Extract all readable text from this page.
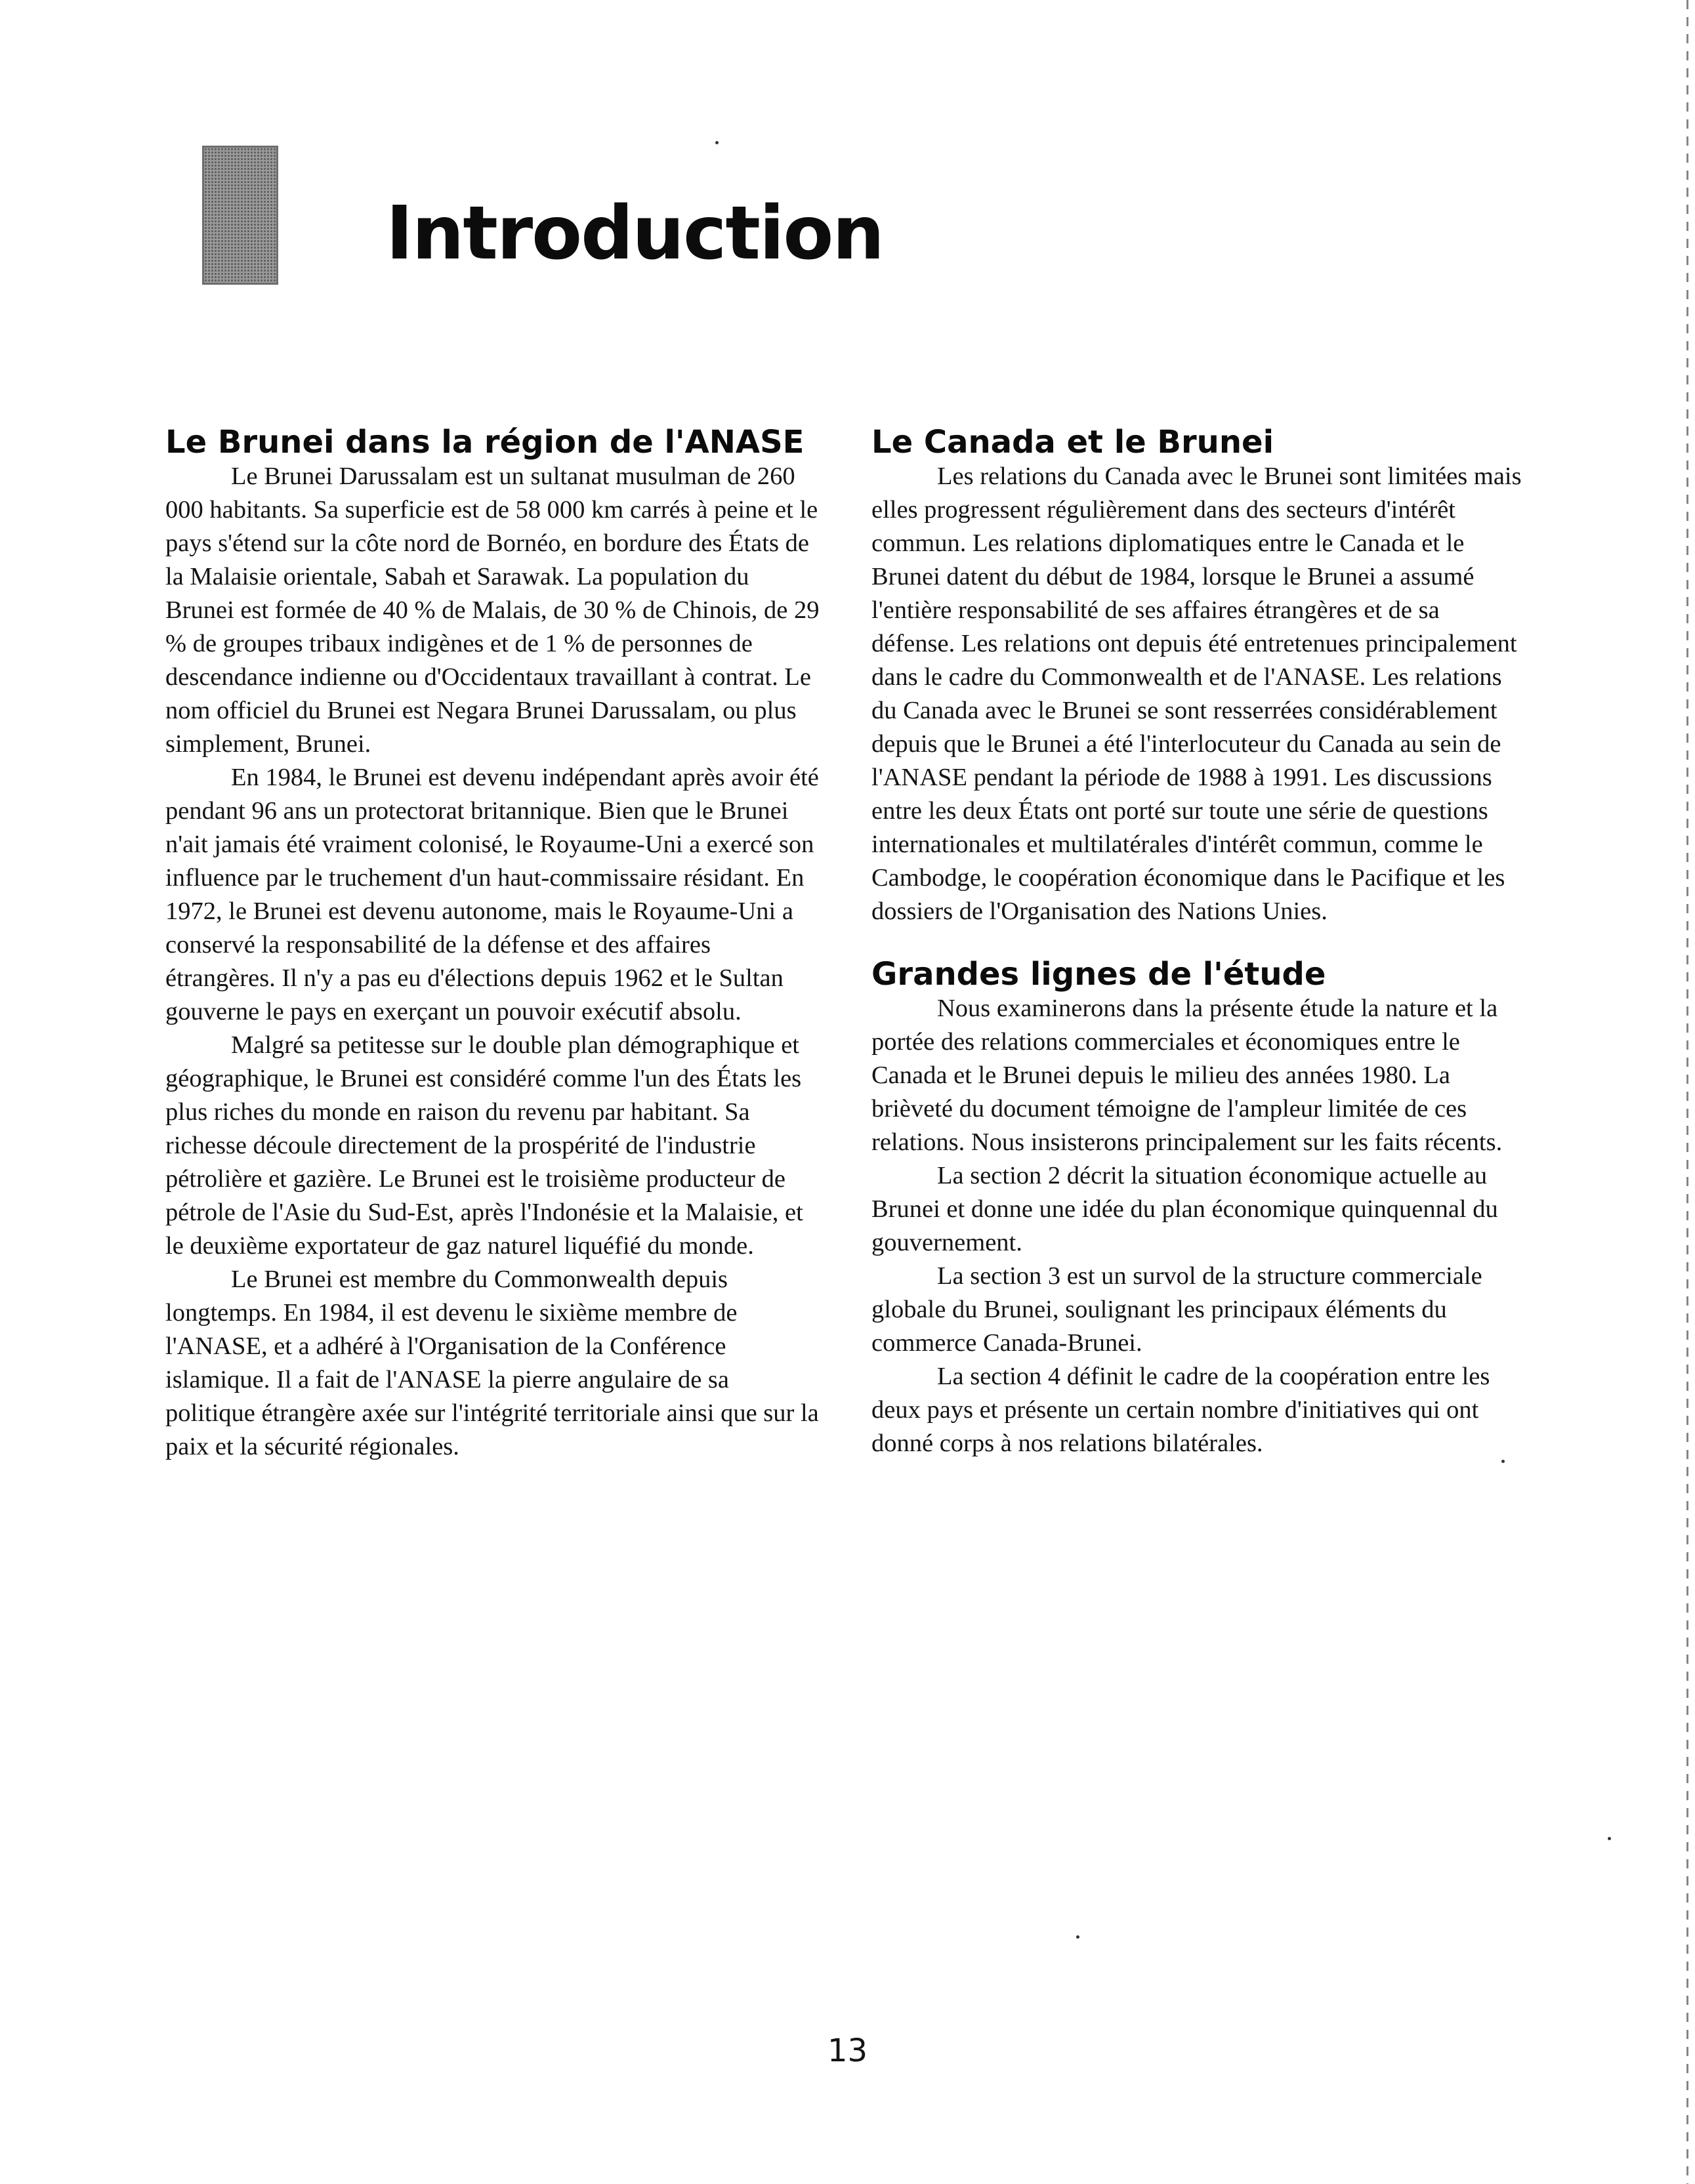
Introduction
Le Brunei dans la région de l'ANASE

Le Brunei Darussalam est un sultanat musulman de 260 000 habitants. Sa superficie est de 58 000 km carrés à peine et le pays s'étend sur la côte nord de Bornéo, en bordure des États de la Malaisie orientale, Sabah et Sarawak. La population du Brunei est formée de 40 % de Malais, de 30 % de Chinois, de 29 % de groupes tribaux indigènes et de 1 % de personnes de descendance indienne ou d'Occidentaux travaillant à contrat. Le nom officiel du Brunei est Negara Brunei Darussalam, ou plus simplement, Brunei.

En 1984, le Brunei est devenu indépendant après avoir été pendant 96 ans un protectorat britannique. Bien que le Brunei n'ait jamais été vraiment colonisé, le Royaume-Uni a exercé son influence par le truchement d'un haut-commissaire résidant. En 1972, le Brunei est devenu autonome, mais le Royaume-Uni a conservé la responsabilité de la défense et des affaires étrangères. Il n'y a pas eu d'élections depuis 1962 et le Sultan gouverne le pays en exerçant un pouvoir exécutif absolu.

Malgré sa petitesse sur le double plan démographique et géographique, le Brunei est considéré comme l'un des États les plus riches du monde en raison du revenu par habitant. Sa richesse découle directement de la prospérité de l'industrie pétrolière et gazière. Le Brunei est le troisième producteur de pétrole de l'Asie du Sud-Est, après l'Indonésie et la Malaisie, et le deuxième exportateur de gaz naturel liquéfié du monde.

Le Brunei est membre du Commonwealth depuis longtemps. En 1984, il est devenu le sixième membre de l'ANASE, et a adhéré à l'Organisation de la Conférence islamique. Il a fait de l'ANASE la pierre angulaire de sa politique étrangère axée sur l'intégrité territoriale ainsi que sur la paix et la sécurité régionales.

Le Canada et le Brunei

Les relations du Canada avec le Brunei sont limitées mais elles progressent régulièrement dans des secteurs d'intérêt commun. Les relations diplomatiques entre le Canada et le Brunei datent du début de 1984, lorsque le Brunei a assumé l'entière responsabilité de ses affaires étrangères et de sa défense. Les relations ont depuis été entretenues principalement dans le cadre du Commonwealth et de l'ANASE. Les relations du Canada avec le Brunei se sont resserrées considérablement depuis que le Brunei a été l'interlocuteur du Canada au sein de l'ANASE pendant la période de 1988 à 1991. Les discussions entre les deux États ont porté sur toute une série de questions internationales et multilatérales d'intérêt commun, comme le Cambodge, le coopération économique dans le Pacifique et les dossiers de l'Organisation des Nations Unies.

Grandes lignes de l'étude

Nous examinerons dans la présente étude la nature et la portée des relations commerciales et économiques entre le Canada et le Brunei depuis le milieu des années 1980. La brièveté du document témoigne de l'ampleur limitée de ces relations. Nous insisterons principalement sur les faits récents.

La section 2 décrit la situation économique actuelle au Brunei et donne une idée du plan économique quinquennal du gouvernement.

La section 3 est un survol de la structure commerciale globale du Brunei, soulignant les principaux éléments du commerce Canada-Brunei.

La section 4 définit le cadre de la coopération entre les deux pays et présente un certain nombre d'initiatives qui ont donné corps à nos relations bilatérales.

13
